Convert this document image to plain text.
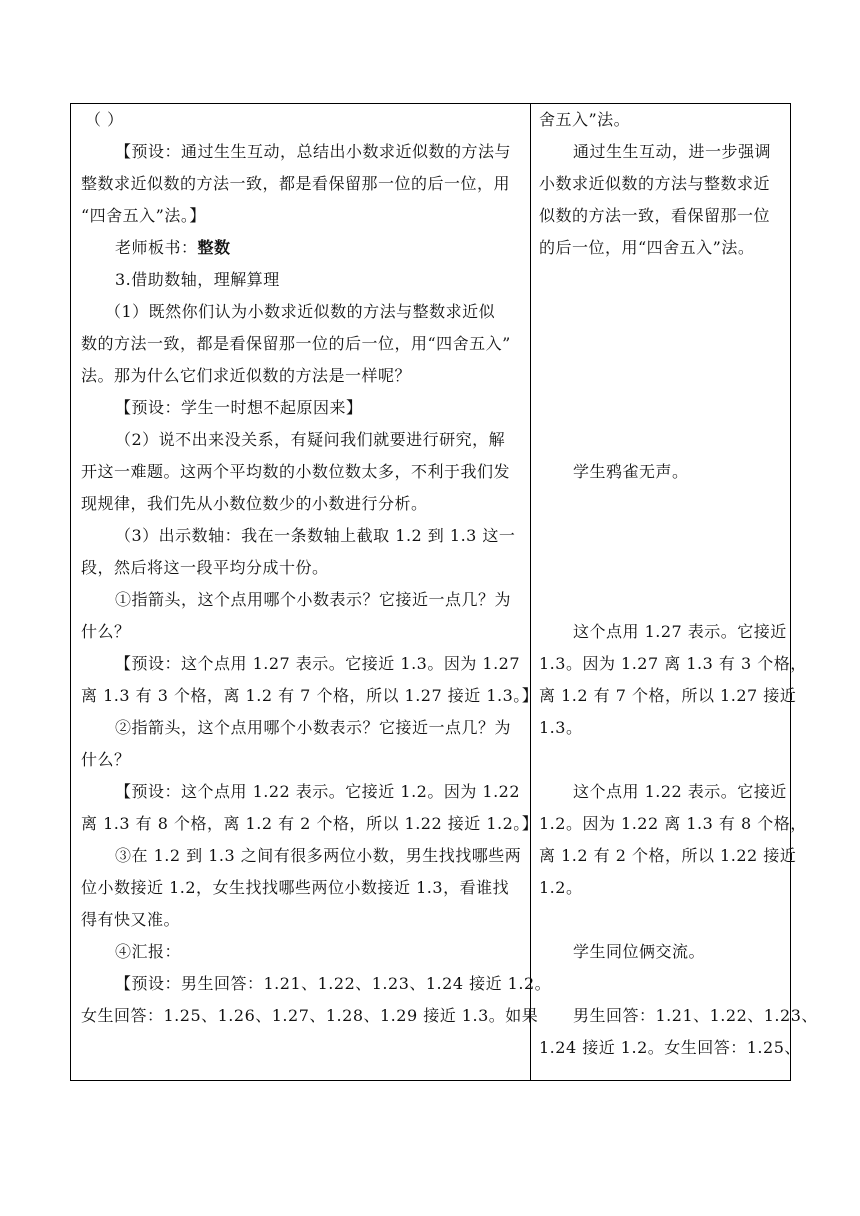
（ ）
【预设：通过生生互动，总结出小数求近似数的方法与
整数求近似数的方法一致，都是看保留那一位的后一位，用
“四舍五入”法。】
老师板书：整数
3.借助数轴，理解算理
（1）既然你们认为小数求近似数的方法与整数求近似
数的方法一致，都是看保留那一位的后一位，用“四舍五入”
法。那为什么它们求近似数的方法是一样呢？
【预设：学生一时想不起原因来】
（2）说不出来没关系，有疑问我们就要进行研究，解
开这一难题。这两个平均数的小数位数太多，不利于我们发
现规律，我们先从小数位数少的小数进行分析。
（3）出示数轴：我在一条数轴上截取 1.2 到 1.3 这一
段，然后将这一段平均分成十份。
①指箭头，这个点用哪个小数表示？它接近一点几？为
什么？
【预设：这个点用 1.27 表示。它接近 1.3。因为 1.27
离 1.3 有 3 个格，离 1.2 有 7 个格，所以 1.27 接近 1.3。】
②指箭头，这个点用哪个小数表示？它接近一点几？为
什么？
【预设：这个点用 1.22 表示。它接近 1.2。因为 1.22
离 1.3 有 8 个格，离 1.2 有 2 个格，所以 1.22 接近 1.2。】
③在 1.2 到 1.3 之间有很多两位小数，男生找找哪些两
位小数接近 1.2，女生找找哪些两位小数接近 1.3，看谁找
得有快又准。
④汇报：
【预设：男生回答：1.21、1.22、1.23、1.24 接近 1.2。
女生回答：1.25、1.26、1.27、1.28、1.29 接近 1.3。如果
舍五入”法。
通过生生互动，进一步强调
小数求近似数的方法与整数求近
似数的方法一致，看保留那一位
的后一位，用“四舍五入”法。
学生鸦雀无声。
这个点用 1.27 表示。它接近
1.3。因为 1.27 离 1.3 有 3 个格，
离 1.2 有 7 个格，所以 1.27 接近
1.3。
这个点用 1.22 表示。它接近
1.2。因为 1.22 离 1.3 有 8 个格，
离 1.2 有 2 个格，所以 1.22 接近
1.2。
学生同位俩交流。
男生回答：1.21、1.22、1.23、
1.24 接近 1.2。女生回答：1.25、
